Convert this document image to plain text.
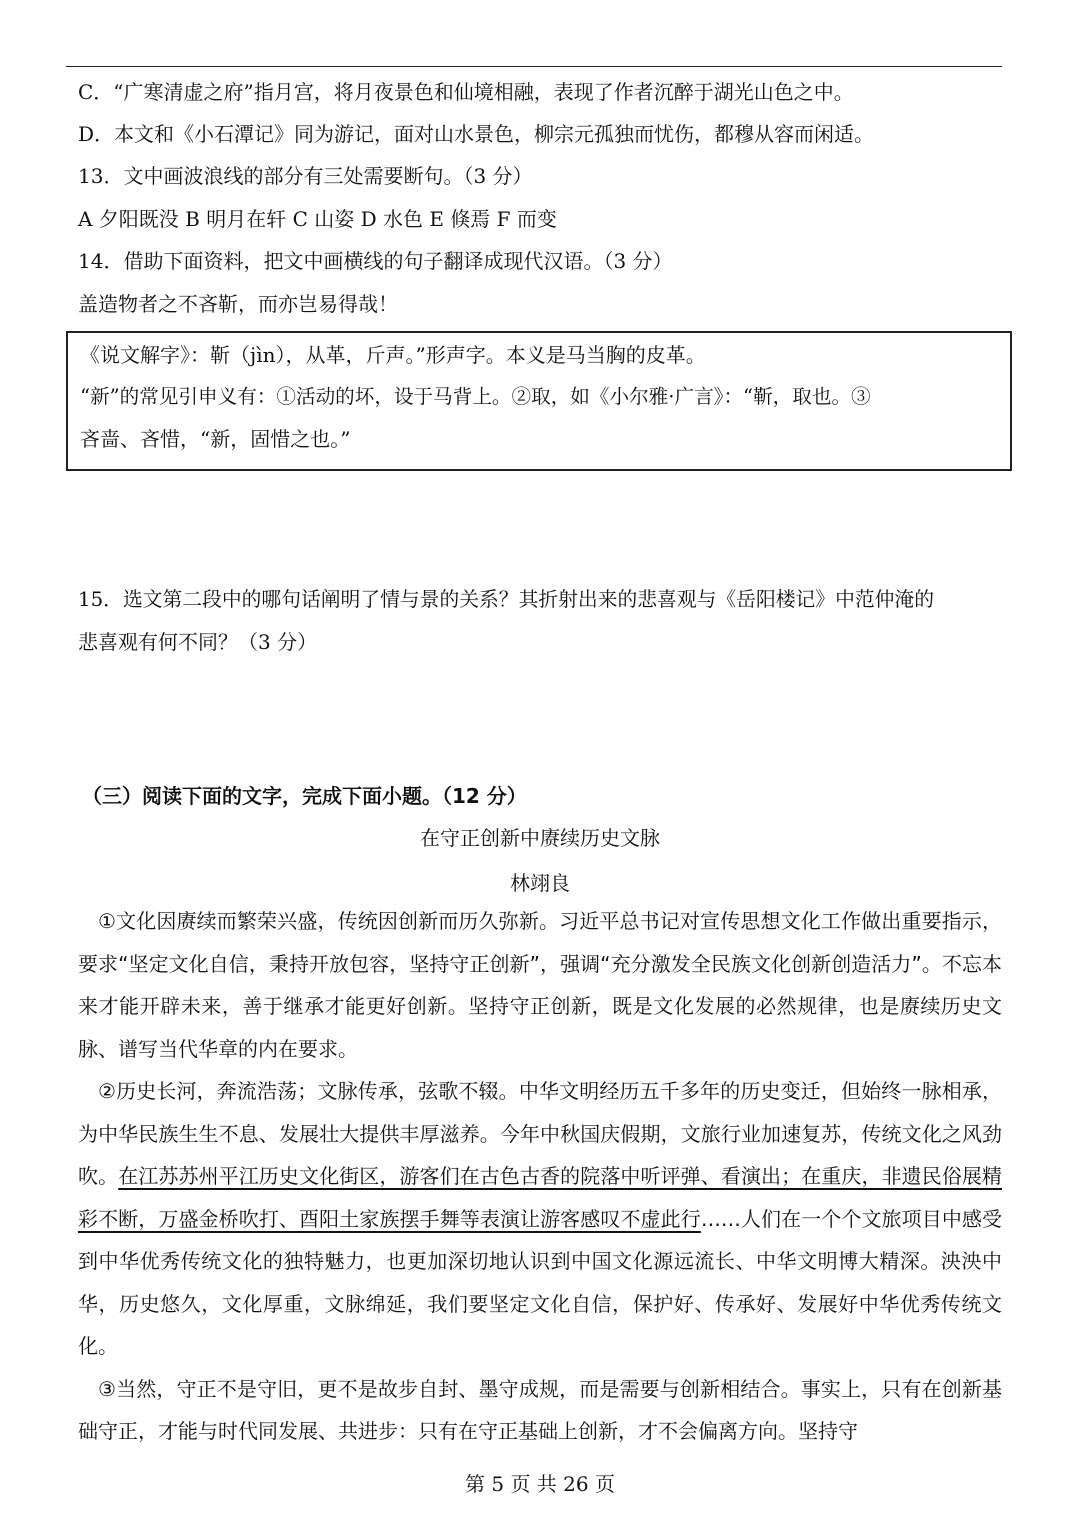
C．“广寒清虚之府”指月宫，将月夜景色和仙境相融，表现了作者沉醉于湖光山色之中。
D．本文和《小石潭记》同为游记，面对山水景色，柳宗元孤独而忧伤，都穆从容而闲适。
13．文中画波浪线的部分有三处需要断句。（3 分）
A 夕阳既没 B 明月在轩 C 山姿 D 水色 E 倏焉 F 而变
14．借助下面资料，把文中画横线的句子翻译成现代汉语。（3 分）
盖造物者之不吝靳，而亦岂易得哉！
《说文解字》：靳（jìn），从革，斤声。”形声字。本义是马当胸的皮革。
“新”的常见引申义有：①活动的坏，设于马背上。②取，如《小尔雅·广言》：“靳，取也。③
吝啬、吝惜，“新，固惜之也。”
15．选文第二段中的哪句话阐明了情与景的关系？其折射出来的悲喜观与《岳阳楼记》中范仲淹的
悲喜观有何不同？（3 分）
（三）阅读下面的文字，完成下面小题。（12 分）
在守正创新中赓续历史文脉
林翊良

①文化因赓续而繁荣兴盛，传统因创新而历久弥新。习近平总书记对宣传思想文化工作做出重要指示，要求“坚定文化自信，秉持开放包容，坚持守正创新”，强调“充分激发全民族文化创新创造活力”。不忘本来才能开辟未来，善于继承才能更好创新。坚持守正创新，既是文化发展的必然规律，也是赓续历史文脉、谱写当代华章的内在要求。

②历史长河，奔流浩荡；文脉传承，弦歌不辍。中华文明经历五千多年的历史变迁，但始终一脉相承，为中华民族生生不息、发展壮大提供丰厚滋养。今年中秋国庆假期，文旅行业加速复苏，传统文化之风劲吹。在江苏苏州平江历史文化街区，游客们在古色古香的院落中听评弹、看演出；在重庆，非遗民俗展精彩不断，万盛金桥吹打、酉阳土家族摆手舞等表演让游客感叹不虚此行……人们在一个个文旅项目中感受到中华优秀传统文化的独特魅力，也更加深切地认识到中国文化源远流长、中华文明博大精深。泱泱中华，历史悠久，文化厚重，文脉绵延，我们要坚定文化自信，保护好、传承好、发展好中华优秀传统文化。

③当然，守正不是守旧，更不是故步自封、墨守成规，而是需要与创新相结合。事实上，只有在创新基础守正，才能与时代同发展、共进步：只有在守正基础上创新，才不会偏离方向。坚持守

第 5 页 共 26 页
